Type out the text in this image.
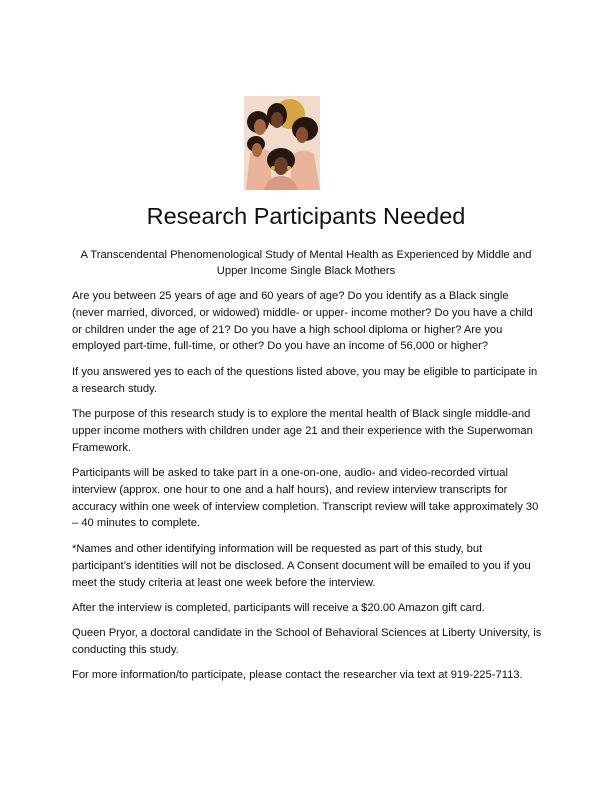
Research Participants Needed

A Transcendental Phenomenological Study of Mental Health as Experienced by Middle and Upper Income Single Black Mothers

Are you between 25 years of age and 60 years of age? Do you identify as a Black single (never married, divorced, or widowed) middle- or upper- income mother? Do you have a child or children under the age of 21? Do you have a high school diploma or higher? Are you employed part-time, full-time, or other? Do you have an income of 56,000 or higher?

If you answered yes to each of the questions listed above, you may be eligible to participate in a research study.

The purpose of this research study is to explore the mental health of Black single middle-and upper income mothers with children under age 21 and their experience with the Superwoman Framework.

Participants will be asked to take part in a one-on-one, audio- and video-recorded virtual interview (approx. one hour to one and a half hours), and review interview transcripts for accuracy within one week of interview completion. Transcript review will take approximately 30 – 40 minutes to complete.

*Names and other identifying information will be requested as part of this study, but participant’s identities will not be disclosed. A Consent document will be emailed to you if you meet the study criteria at least one week before the interview.

After the interview is completed, participants will receive a $20.00 Amazon gift card.

Queen Pryor, a doctoral candidate in the School of Behavioral Sciences at Liberty University, is conducting this study.

For more information/to participate, please contact the researcher via text at 919-225-7113.
